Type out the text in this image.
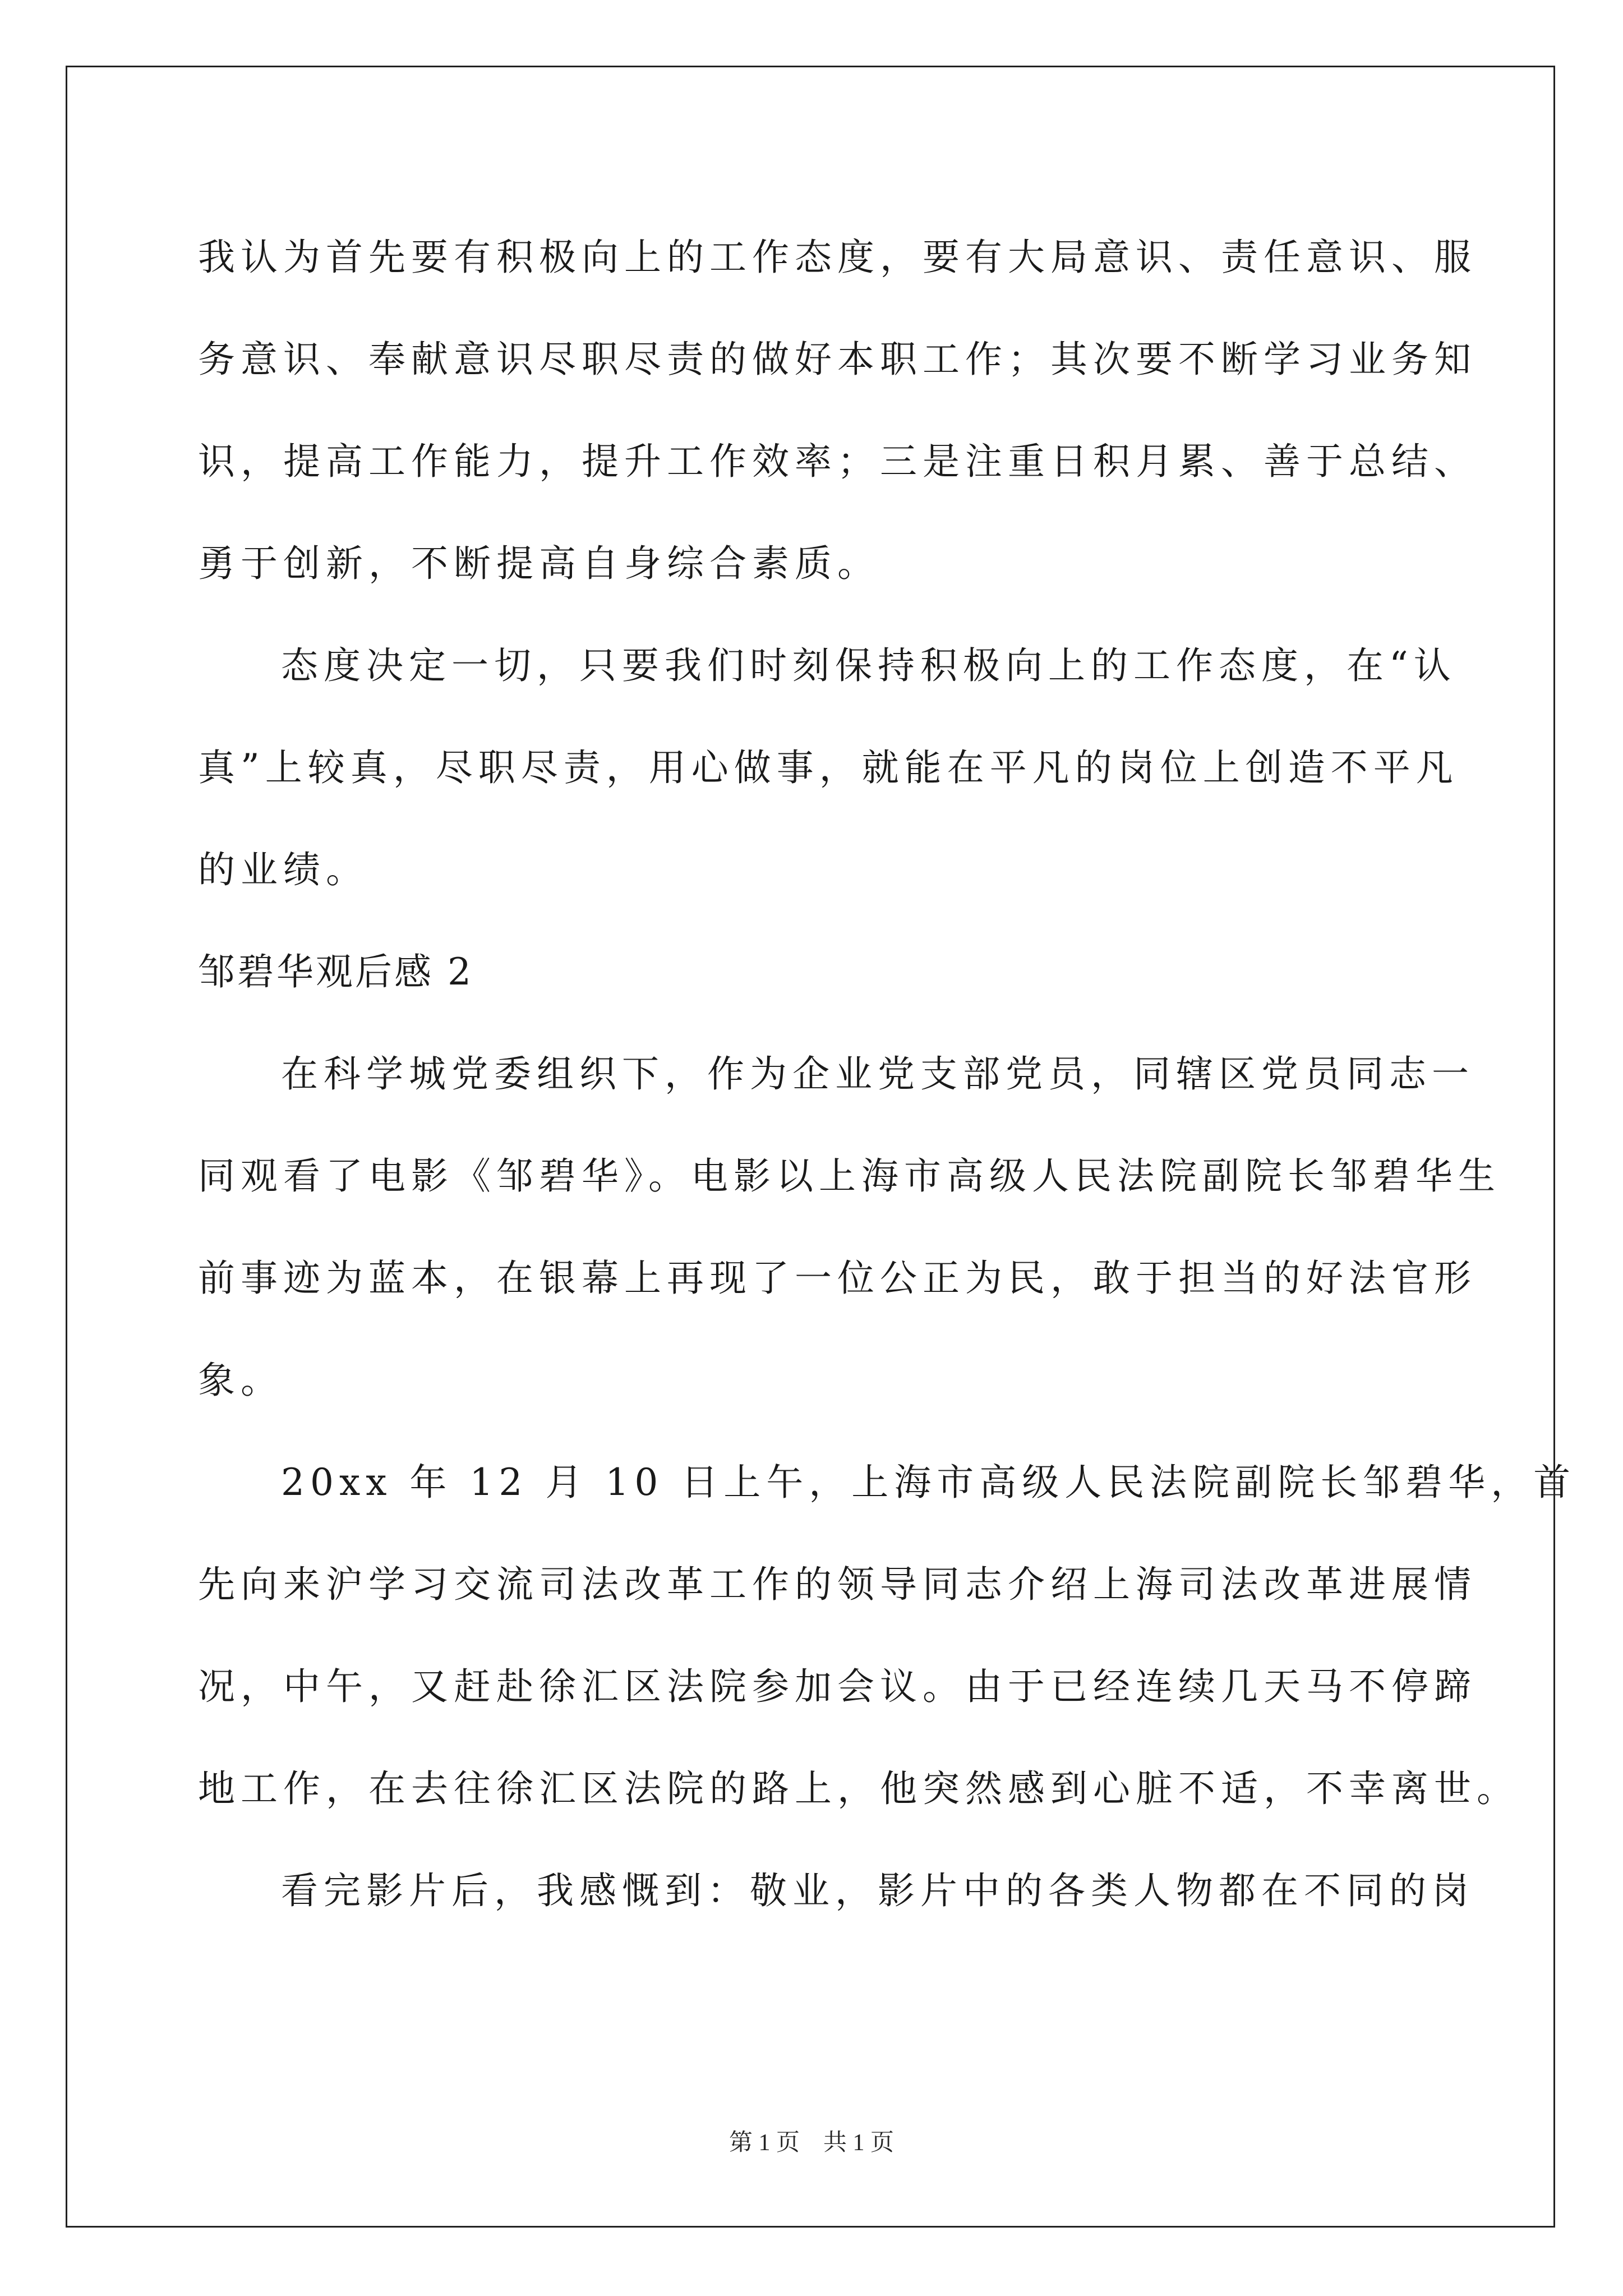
我认为首先要有积极向上的工作态度，要有大局意识、责任意识、服
务意识、奉献意识尽职尽责的做好本职工作；其次要不断学习业务知
识，提高工作能力，提升工作效率；三是注重日积月累、善于总结、
勇于创新，不断提高自身综合素质。
态度决定一切，只要我们时刻保持积极向上的工作态度，在“认
真”上较真，尽职尽责，用心做事，就能在平凡的岗位上创造不平凡
的业绩。
邹碧华观后感 2
在科学城党委组织下，作为企业党支部党员，同辖区党员同志一
同观看了电影《邹碧华》。电影以上海市高级人民法院副院长邹碧华生
前事迹为蓝本，在银幕上再现了一位公正为民，敢于担当的好法官形
象。
20xx 年 12 月 10 日上午，上海市高级人民法院副院长邹碧华，首
先向来沪学习交流司法改革工作的领导同志介绍上海司法改革进展情
况，中午，又赶赴徐汇区法院参加会议。由于已经连续几天马不停蹄
地工作，在去往徐汇区法院的路上，他突然感到心脏不适，不幸离世。
看完影片后，我感慨到：敬业，影片中的各类人物都在不同的岗
第 1 页　共 1 页
